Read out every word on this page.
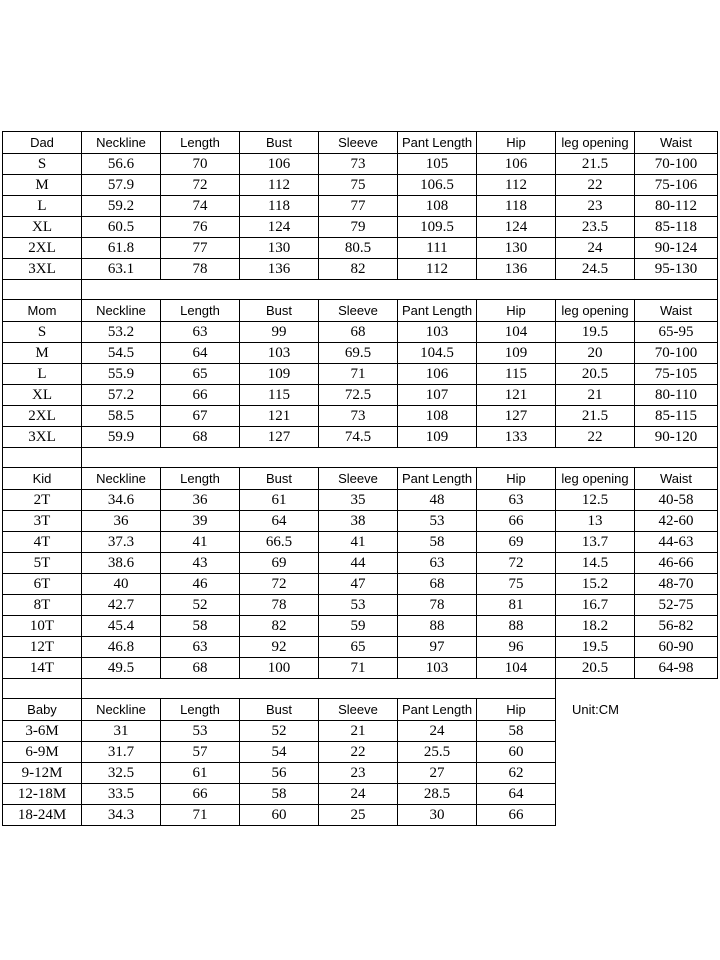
Dad	Neckline	Length	Bust	Sleeve	Pant Length	Hip	leg opening	Waist
S	56.6	70	106	73	105	106	21.5	70-100
M	57.9	72	112	75	106.5	112	22	75-106
L	59.2	74	118	77	108	118	23	80-112
XL	60.5	76	124	79	109.5	124	23.5	85-118
2XL	61.8	77	130	80.5	111	130	24	90-124
3XL	63.1	78	136	82	112	136	24.5	95-130

Mom	Neckline	Length	Bust	Sleeve	Pant Length	Hip	leg opening	Waist
S	53.2	63	99	68	103	104	19.5	65-95
M	54.5	64	103	69.5	104.5	109	20	70-100
L	55.9	65	109	71	106	115	20.5	75-105
XL	57.2	66	115	72.5	107	121	21	80-110
2XL	58.5	67	121	73	108	127	21.5	85-115
3XL	59.9	68	127	74.5	109	133	22	90-120

Kid	Neckline	Length	Bust	Sleeve	Pant Length	Hip	leg opening	Waist
2T	34.6	36	61	35	48	63	12.5	40-58
3T	36	39	64	38	53	66	13	42-60
4T	37.3	41	66.5	41	58	69	13.7	44-63
5T	38.6	43	69	44	63	72	14.5	46-66
6T	40	46	72	47	68	75	15.2	48-70
8T	42.7	52	78	53	78	81	16.7	52-75
10T	45.4	58	82	59	88	88	18.2	56-82
12T	46.8	63	92	65	97	96	19.5	60-90
14T	49.5	68	100	71	103	104	20.5	64-98

Baby	Neckline	Length	Bust	Sleeve	Pant Length	Hip	Unit:CM	
3-6M	31	53	52	21	24	58		
6-9M	31.7	57	54	22	25.5	60		
9-12M	32.5	61	56	23	27	62		
12-18M	33.5	66	58	24	28.5	64		
18-24M	34.3	71	60	25	30	66		
